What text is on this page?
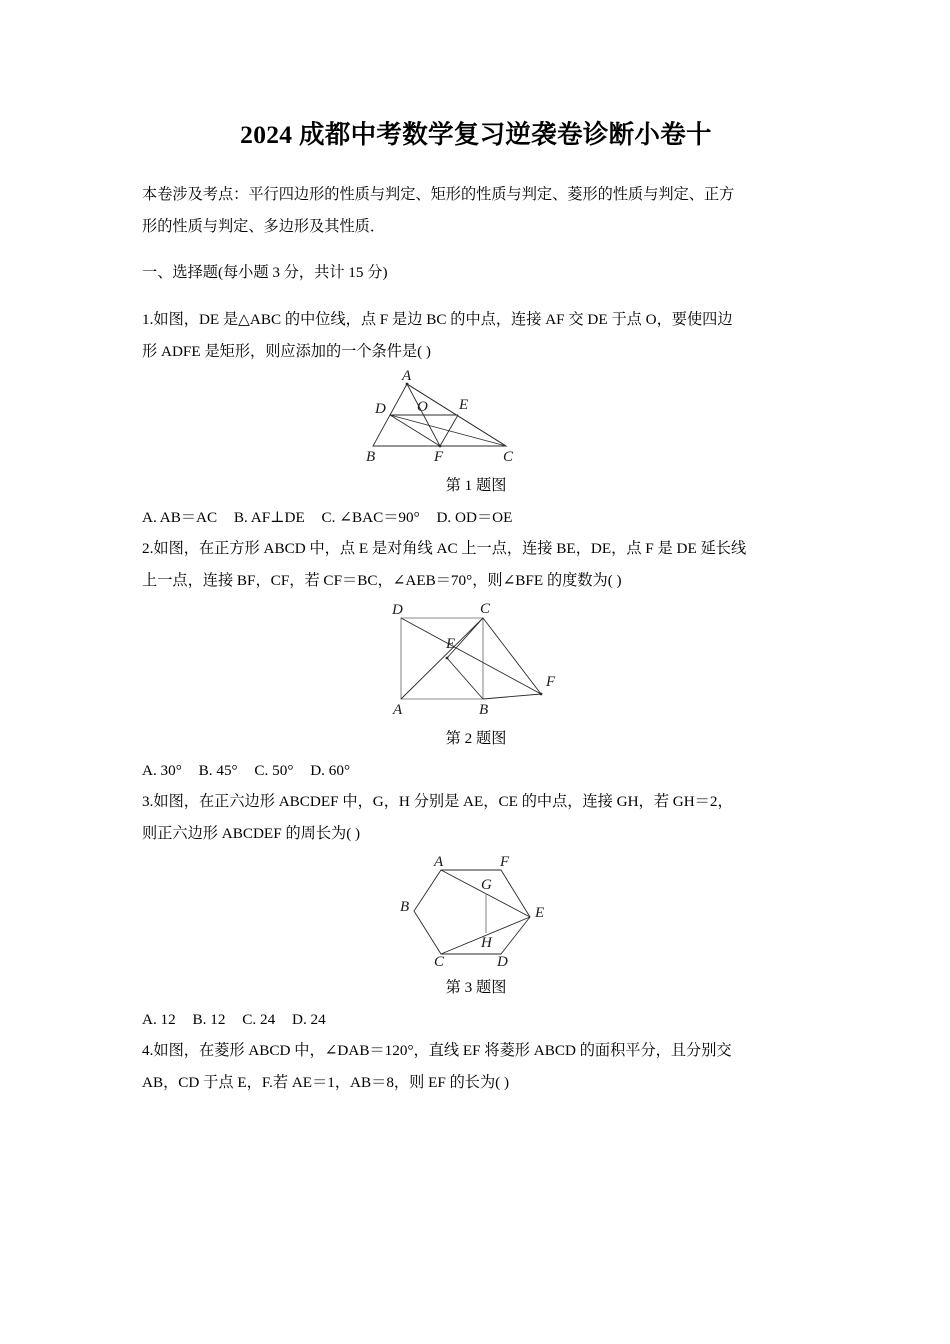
2024 成都中考数学复习逆袭卷诊断小卷十

本卷涉及考点：平行四边形的性质与判定、矩形的性质与判定、菱形的性质与判定、正方

形的性质与判定、多边形及其性质．

一、选择题(每小题 3 分，共计 15 分)

1.如图，DE 是△ABC 的中位线，点 F 是边 BC 的中点，连接 AF 交 DE 于点 O，要使四边

形 ADFE 是矩形，则应添加的一个条件是( )

A
B	C
D	E
F
O
第 1 题图

A. AB＝AC B. AF⊥DE C. ∠BAC＝90° D. OD＝OE

2.如图，在正方形 ABCD 中，点 E 是对角线 AC 上一点，连接 BE，DE，点 F 是 DE 延长线

上一点，连接 BF，CF，若 CF＝BC，∠AEB＝70°，则∠BFE 的度数为( )

D	C
A	B
E
F
第 2 题图

A. 30° B. 45° C. 50° D. 60°

3.如图，在正六边形 ABCDEF 中，G，H 分别是 AE，CE 的中点，连接 GH，若 GH＝2，

则正六边形 ABCDEF 的周长为( )

A	F
B	E
C	D
G
H
第 3 题图

A. 12 B. 12 C. 24 D. 24

4.如图，在菱形 ABCD 中，∠DAB＝120°，直线 EF 将菱形 ABCD 的面积平分，且分别交

AB，CD 于点 E，F.若 AE＝1，AB＝8，则 EF 的长为( )
